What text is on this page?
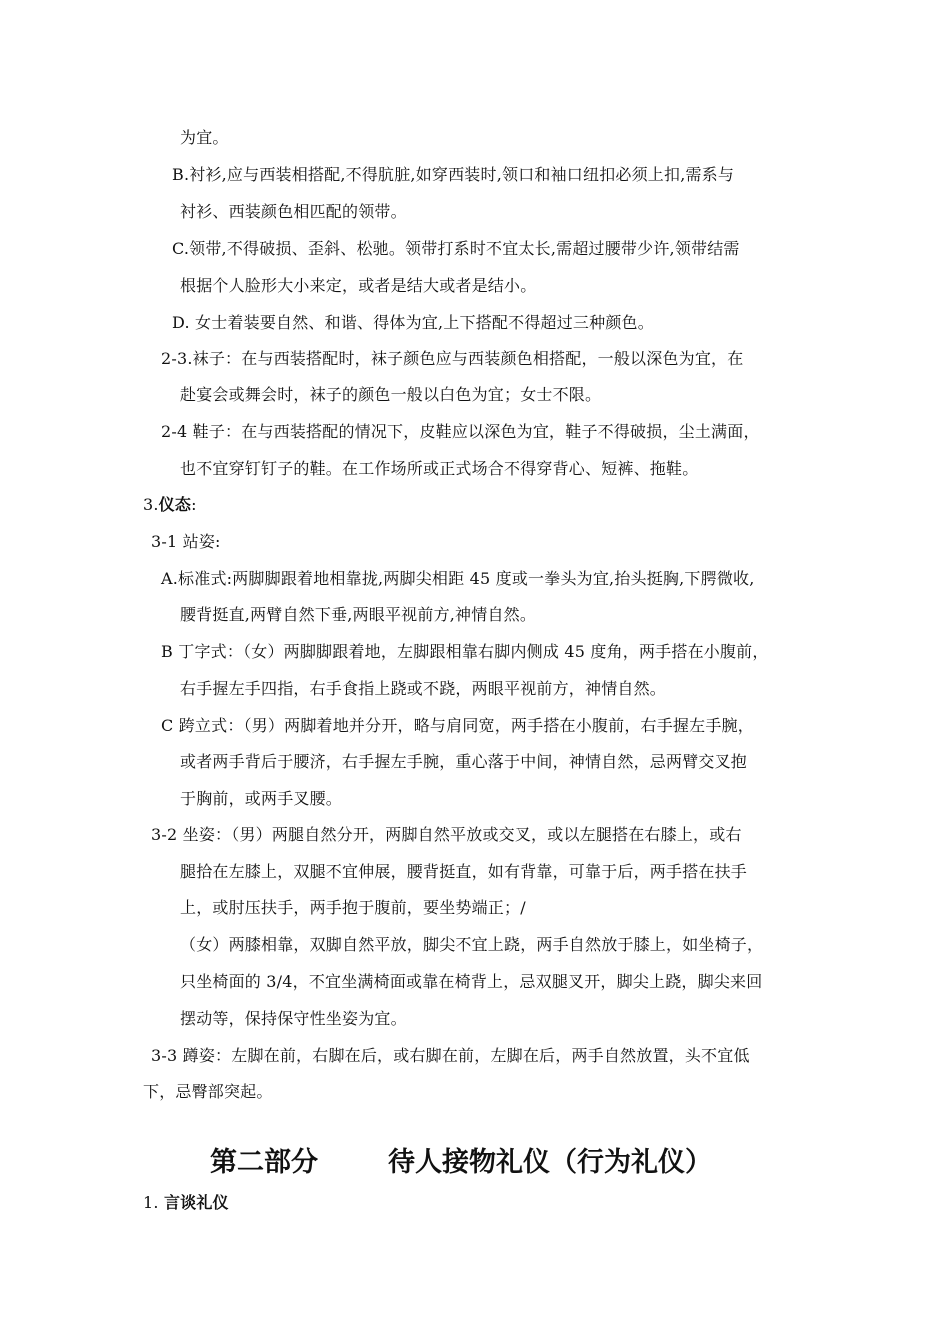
为宜。
B.衬衫,应与西装相搭配,不得肮脏,如穿西装时,领口和袖口纽扣必须上扣,需系与
衬衫、西装颜色相匹配的领带。
C.领带,不得破损、歪斜、松驰。领带打系时不宜太长,需超过腰带少许,领带结需
根据个人脸形大小来定，或者是结大或者是结小。
D. 女士着装要自然、和谐、得体为宜,上下搭配不得超过三种颜色。
2-3.袜子：在与西装搭配时，袜子颜色应与西装颜色相搭配，一般以深色为宜，在
赴宴会或舞会时，袜子的颜色一般以白色为宜；女士不限。
2-4 鞋子：在与西装搭配的情况下，皮鞋应以深色为宜，鞋子不得破损，尘土满面，
也不宜穿钉钉子的鞋。在工作场所或正式场合不得穿背心、短裤、拖鞋。
3.仪态:
3-1 站姿:
A.标准式:两脚脚跟着地相靠拢,两脚尖相距 45 度或一拳头为宜,抬头挺胸,下腭微收,
腰背挺直,两臂自然下垂,两眼平视前方,神情自然。
B 丁字式：（女）两脚脚跟着地，左脚跟相靠右脚内侧成 45 度角，两手搭在小腹前，
右手握左手四指，右手食指上跷或不跷，两眼平视前方，神情自然。
C 跨立式：（男）两脚着地并分开，略与肩同宽，两手搭在小腹前，右手握左手腕，
或者两手背后于腰济，右手握左手腕，重心落于中间，神情自然，忌两臂交叉抱
于胸前，或两手叉腰。
3-2 坐姿：（男）两腿自然分开，两脚自然平放或交叉，或以左腿搭在右膝上，或右
腿拾在左膝上，双腿不宜伸展，腰背挺直，如有背靠，可靠于后，两手搭在扶手
上，或肘压扶手，两手抱于腹前，要坐势端正；/
（女）两膝相靠，双脚自然平放，脚尖不宜上跷，两手自然放于膝上，如坐椅子，
只坐椅面的 3/4，不宜坐满椅面或靠在椅背上，忌双腿叉开，脚尖上跷，脚尖来回
摆动等，保持保守性坐姿为宜。
3-3 蹲姿：左脚在前，右脚在后，或右脚在前，左脚在后，两手自然放置，头不宜低
下，忌臀部突起。
第二部分	待人接物礼仪（行为礼仪）
1. 言谈礼仪
